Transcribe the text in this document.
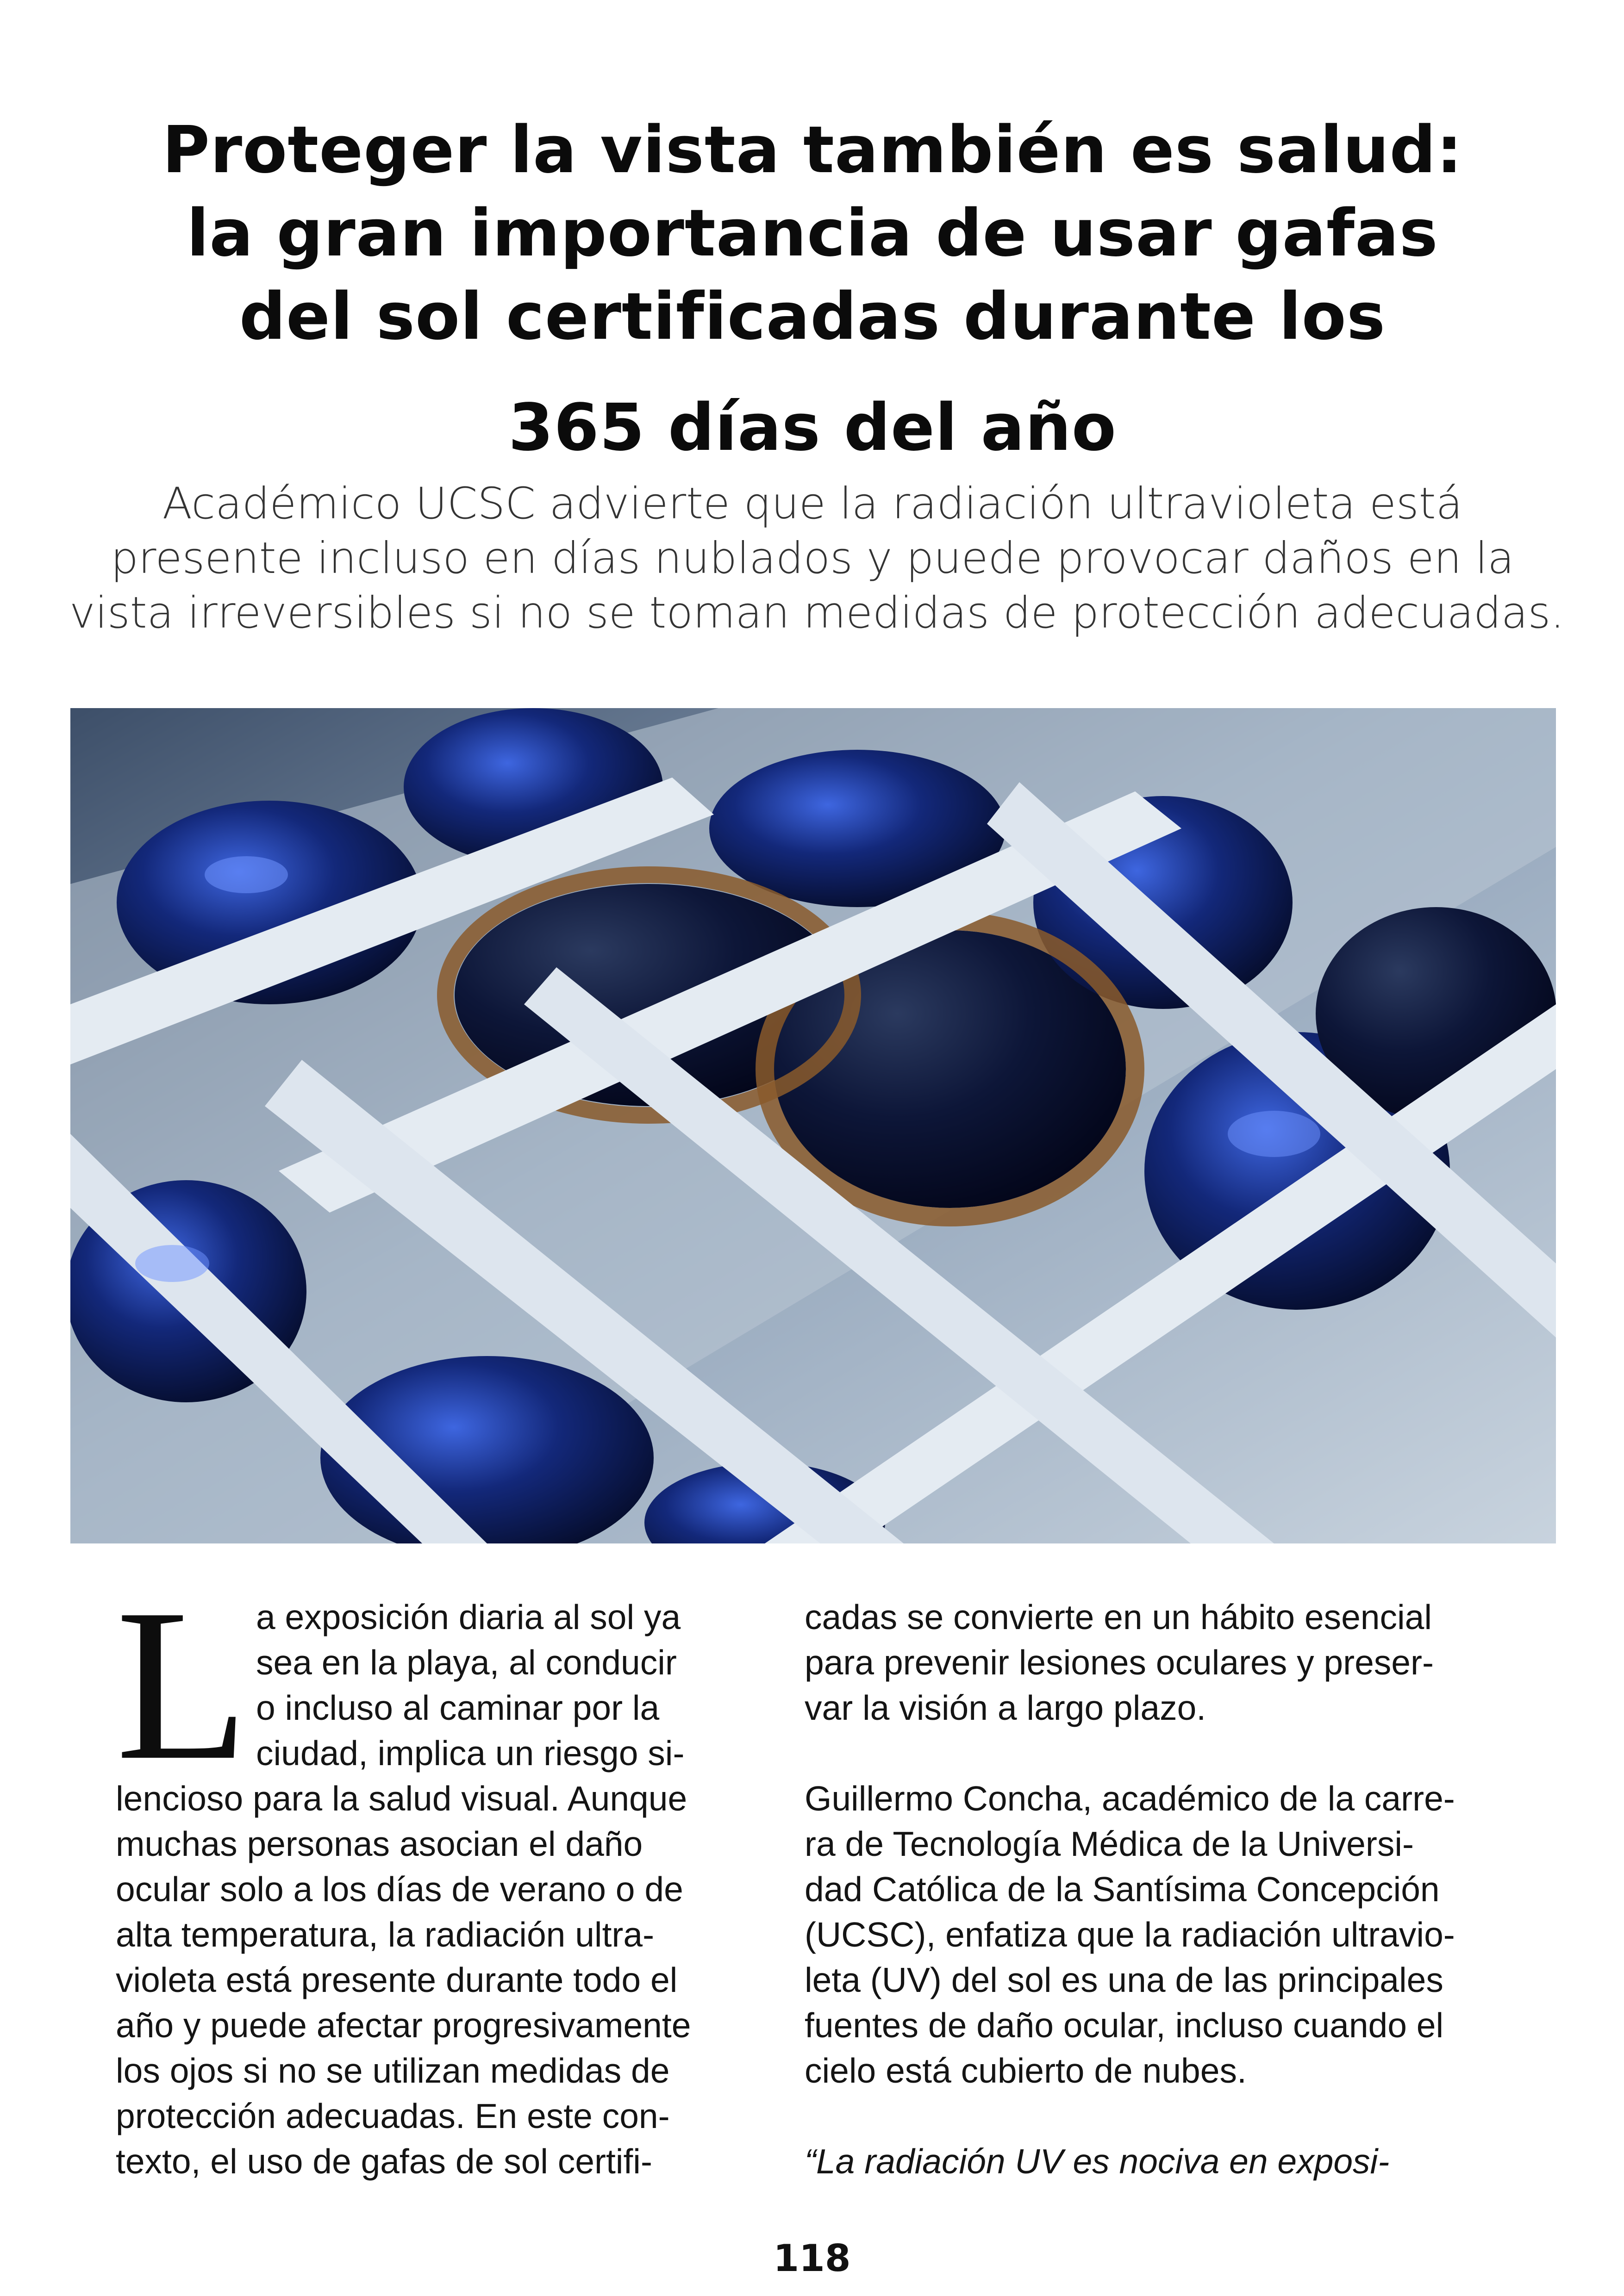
Proteger la vista también es salud:
la gran importancia de usar gafas
del sol certificadas durante los
365 días del año

Académico UCSC advierte que la radiación ultravioleta está
presente incluso en días nublados y puede provocar daños en la
vista irreversibles si no se toman medidas de protección adecuadas.

L a exposición diaria al sol ya
sea en la playa, al conducir
o incluso al caminar por la
ciudad, implica un riesgo si-
lencioso para la salud visual. Aunque
muchas personas asocian el daño
ocular solo a los días de verano o de
alta temperatura, la radiación ultra-
violeta está presente durante todo el
año y puede afectar progresivamente
los ojos si no se utilizan medidas de
protección adecuadas. En este con-
texto, el uso de gafas de sol certifi-
cadas se convierte en un hábito esencial
para prevenir lesiones oculares y preser-
var la visión a largo plazo.
Guillermo Concha, académico de la carre-
ra de Tecnología Médica de la Universi-
dad Católica de la Santísima Concepción
(UCSC), enfatiza que la radiación ultravio-
leta (UV) del sol es una de las principales
fuentes de daño ocular, incluso cuando el
cielo está cubierto de nubes.
“La radiación UV es nociva en exposi-
118
